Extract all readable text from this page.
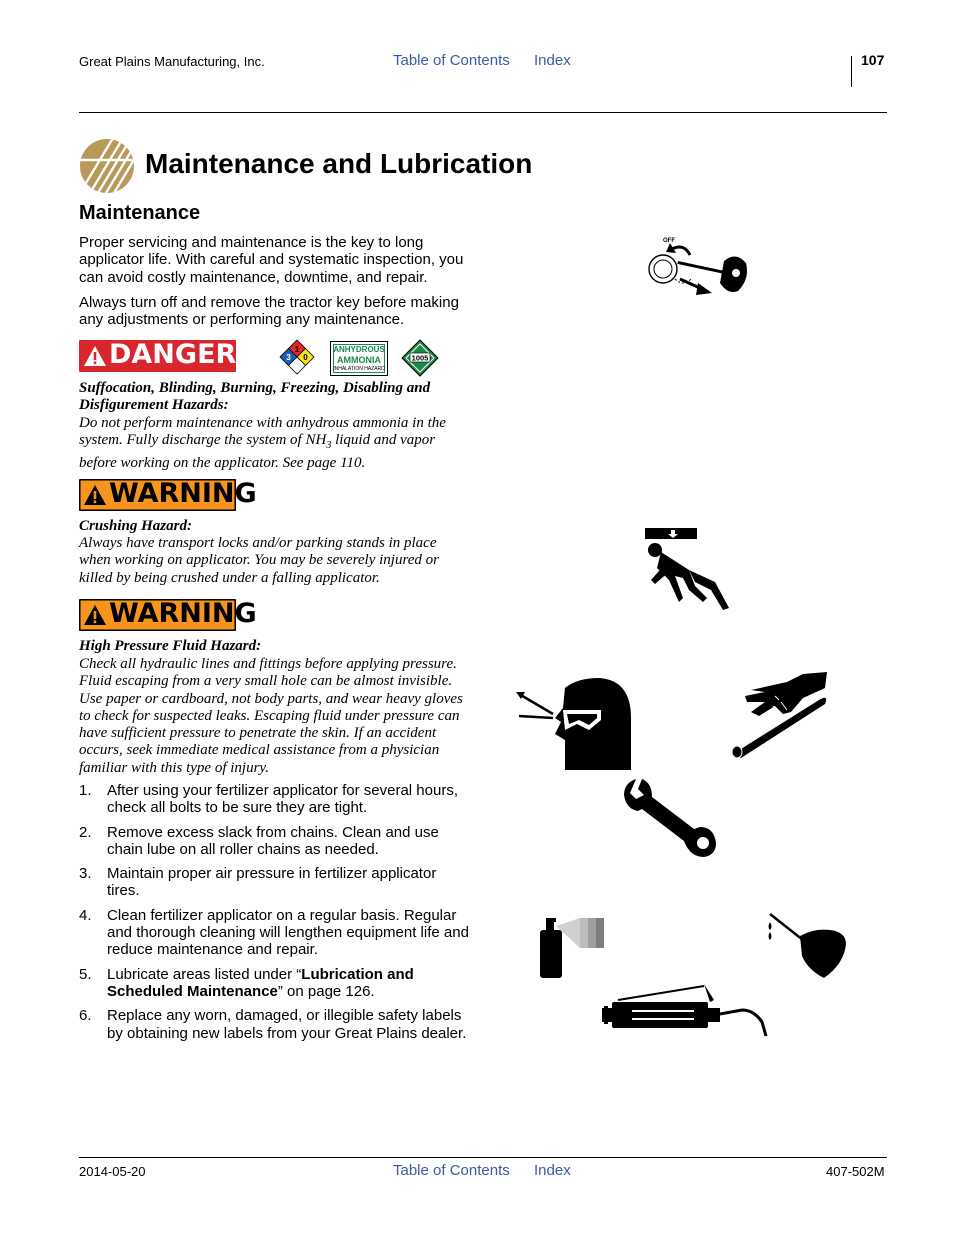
Great Plains Manufacturing, Inc.	Table of Contents Index	107
Maintenance and Lubrication
Maintenance
Proper servicing and maintenance is the key to long applicator life. With careful and systematic inspection, you can avoid costly maintenance, downtime, and repair.
Always turn off and remove the tractor key before making any adjustments or performing any maintenance.
DANGER	1
3 0
ANHYDROUS
AMMONIA
INHALATION HAZARD
1005
Suffocation, Blinding, Burning, Freezing, Disabling and Disfigurement Hazards:
Do not perform maintenance with anhydrous ammonia in the system. Fully discharge the system of $NH_3$ liquid and vapor before working on the applicator. See page 110.
WARNING
Crushing Hazard:
Always have transport locks and/or parking stands in place when working on applicator. You may be severely injured or killed by being crushed under a falling applicator.
WARNING
High Pressure Fluid Hazard:
Check all hydraulic lines and fittings before applying pressure. Fluid escaping from a very small hole can be almost invisible. Use paper or cardboard, not body parts, and wear heavy gloves to check for suspected leaks. Escaping fluid under pressure can have sufficient pressure to penetrate the skin. If an accident occurs, seek immediate medical assistance from a physician familiar with this type of injury.
1. After using your fertilizer applicator for several hours, check all bolts to be sure they are tight.
2. Remove excess slack from chains. Clean and use chain lube on all roller chains as needed.
3. Maintain proper air pressure in fertilizer applicator tires.
4. Clean fertilizer applicator on a regular basis. Regular and thorough cleaning will lengthen equipment life and reduce maintenance and repair.
5. Lubricate areas listed under “Lubrication and Scheduled Maintenance” on page 126.
6. Replace any worn, damaged, or illegible safety labels by obtaining new labels from your Great Plains dealer.
OFF
2014-05-20	Table of Contents Index	407-502M
